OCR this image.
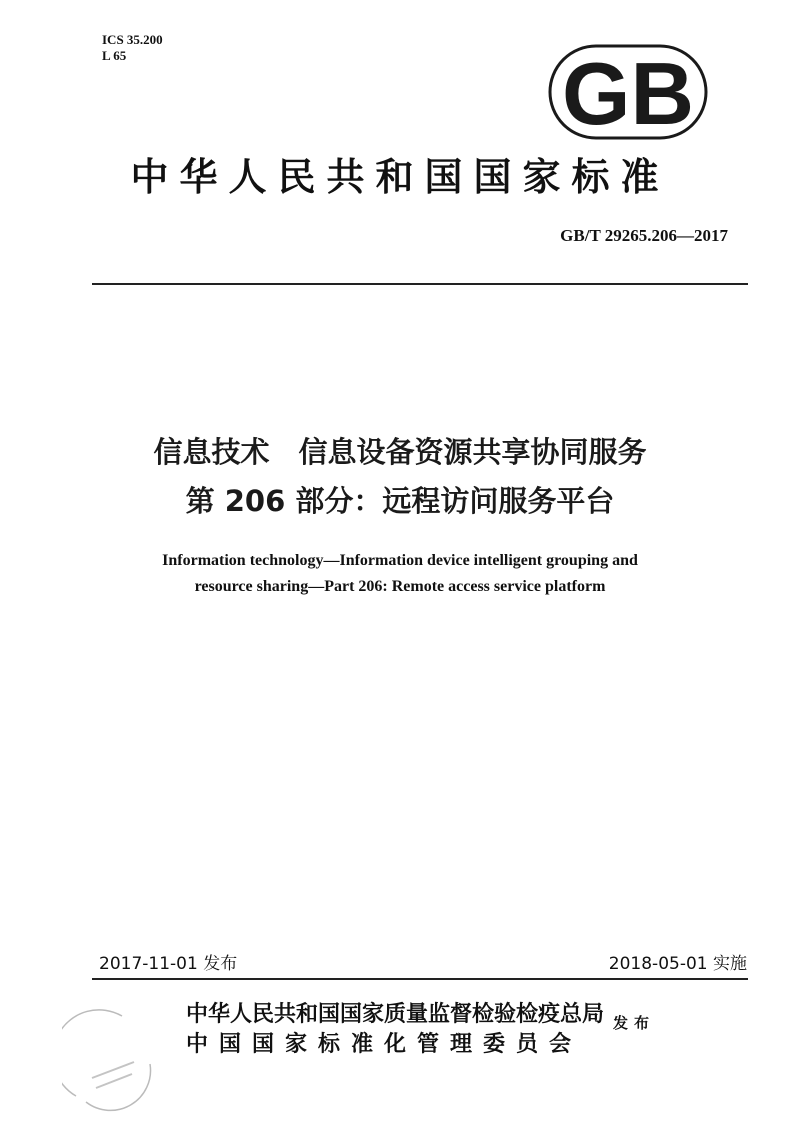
ICS 35.200
L 65	GB
中华人民共和国国家标准
GB/T 29265.206—2017
信息技术　信息设备资源共享协同服务
第 206 部分：远程访问服务平台
Information technology—Information device intelligent grouping and
resource sharing—Part 206: Remote access service platform
2017-11-01 发布	2018-05-01 实施
中华人民共和国国家质量监督检验检疫总局
中国国家标准化管理委员会
发布
